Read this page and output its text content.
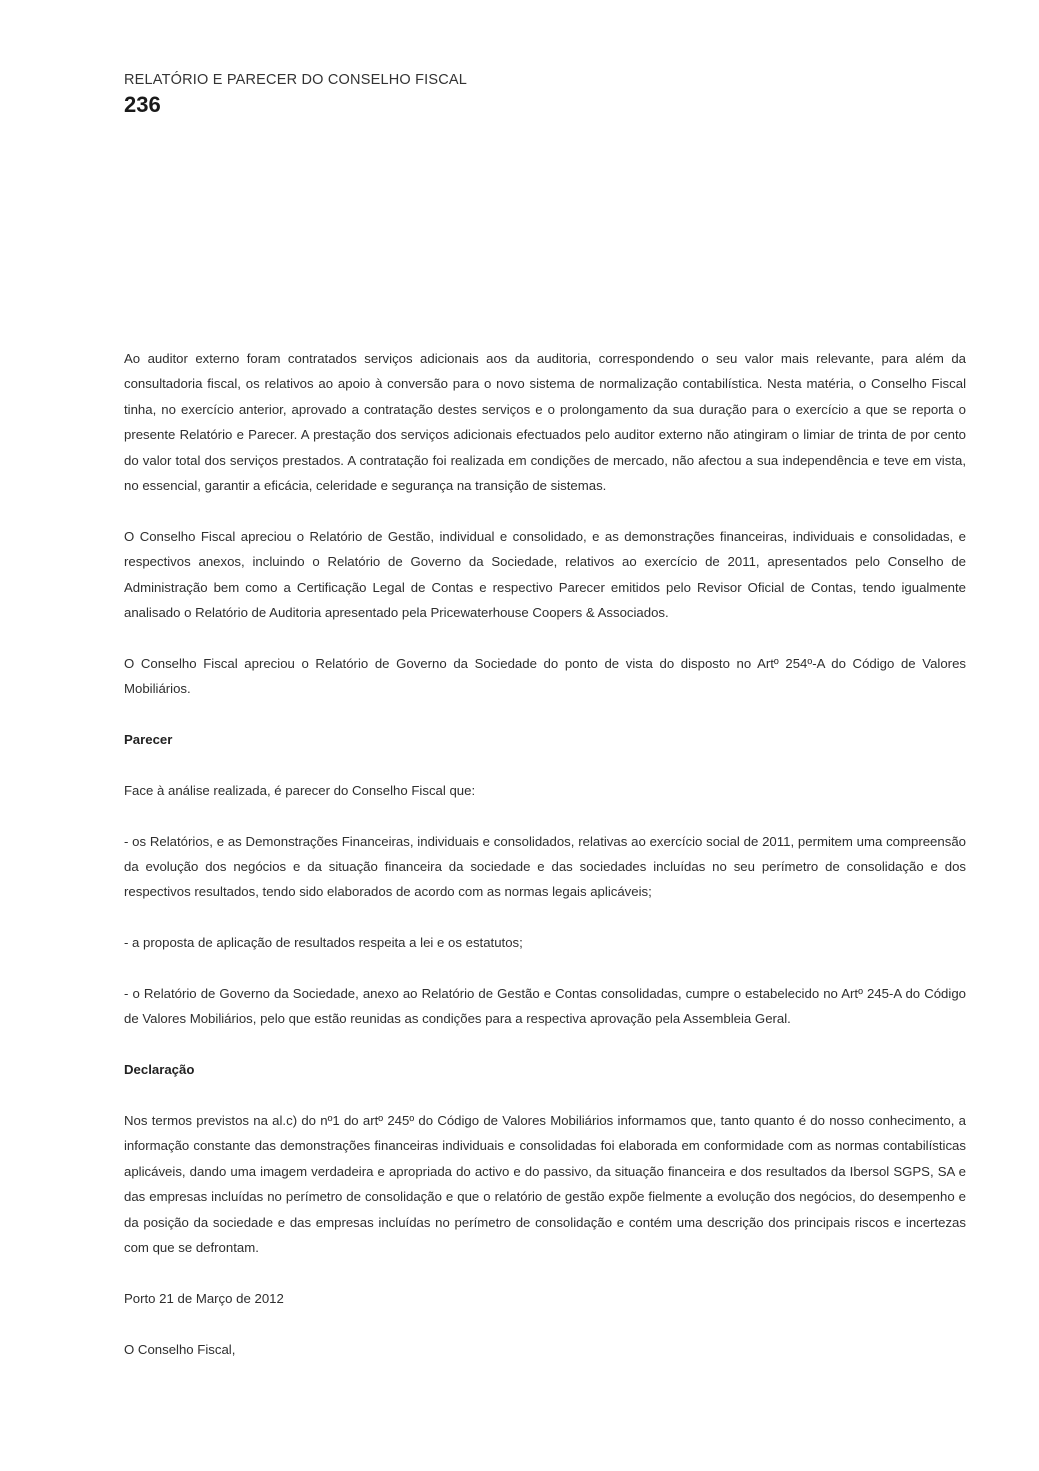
RELATÓRIO E PARECER DO CONSELHO FISCAL
236

Ao auditor externo foram contratados serviços adicionais aos da auditoria, correspondendo o seu valor mais relevante, para além da consultadoria fiscal, os relativos ao apoio à conversão para o novo sistema de normalização contabilística. Nesta matéria, o Conselho Fiscal tinha, no exercício anterior, aprovado a contratação destes serviços e o prolongamento da sua duração para o exercício a que se reporta o presente Relatório e Parecer. A prestação dos serviços adicionais efectuados pelo auditor externo não atingiram o limiar de trinta de por cento do valor total dos serviços prestados. A contratação foi realizada em condições de mercado, não afectou a sua independência e teve em vista, no essencial, garantir a eficácia, celeridade e segurança na transição de sistemas.

O Conselho Fiscal apreciou o Relatório de Gestão, individual e consolidado, e as demonstrações financeiras, individuais e consolidadas, e respectivos anexos, incluindo o Relatório de Governo da Sociedade, relativos ao exercício de 2011, apresentados pelo Conselho de Administração bem como a Certificação Legal de Contas e respectivo Parecer emitidos pelo Revisor Oficial de Contas, tendo igualmente analisado o Relatório de Auditoria apresentado pela Pricewaterhouse Coopers & Associados.

O Conselho Fiscal apreciou o Relatório de Governo da Sociedade do ponto de vista do disposto no Artº 254º-A do Código de Valores Mobiliários.

Parecer

Face à análise realizada, é parecer do Conselho Fiscal que:

- os Relatórios, e as Demonstrações Financeiras, individuais e consolidados, relativas ao exercício social de 2011, permitem uma compreensão da evolução dos negócios e da situação financeira da sociedade e das sociedades incluídas no seu perímetro de consolidação e dos respectivos resultados, tendo sido elaborados de acordo com as normas legais aplicáveis;

- a proposta de aplicação de resultados respeita a lei e os estatutos;

- o Relatório de Governo da Sociedade, anexo ao Relatório de Gestão e Contas consolidadas, cumpre o estabelecido no Artº 245-A do Código de Valores Mobiliários, pelo que estão reunidas as condições para a respectiva aprovação pela Assembleia Geral.

Declaração

Nos termos previstos na al.c) do nº1 do artº 245º do Código de Valores Mobiliários informamos que, tanto quanto é do nosso conhecimento, a informação constante das demonstrações financeiras individuais e consolidadas foi elaborada em conformidade com as normas contabilísticas aplicáveis, dando uma imagem verdadeira e apropriada do activo e do passivo, da situação financeira e dos resultados da Ibersol SGPS, SA e das empresas incluídas no perímetro de consolidação e que o relatório de gestão expõe fielmente a evolução dos negócios, do desempenho e da posição da sociedade e das empresas incluídas no perímetro de consolidação e contém uma descrição dos principais riscos e incertezas com que se defrontam.

Porto 21 de Março de 2012

O Conselho Fiscal,
